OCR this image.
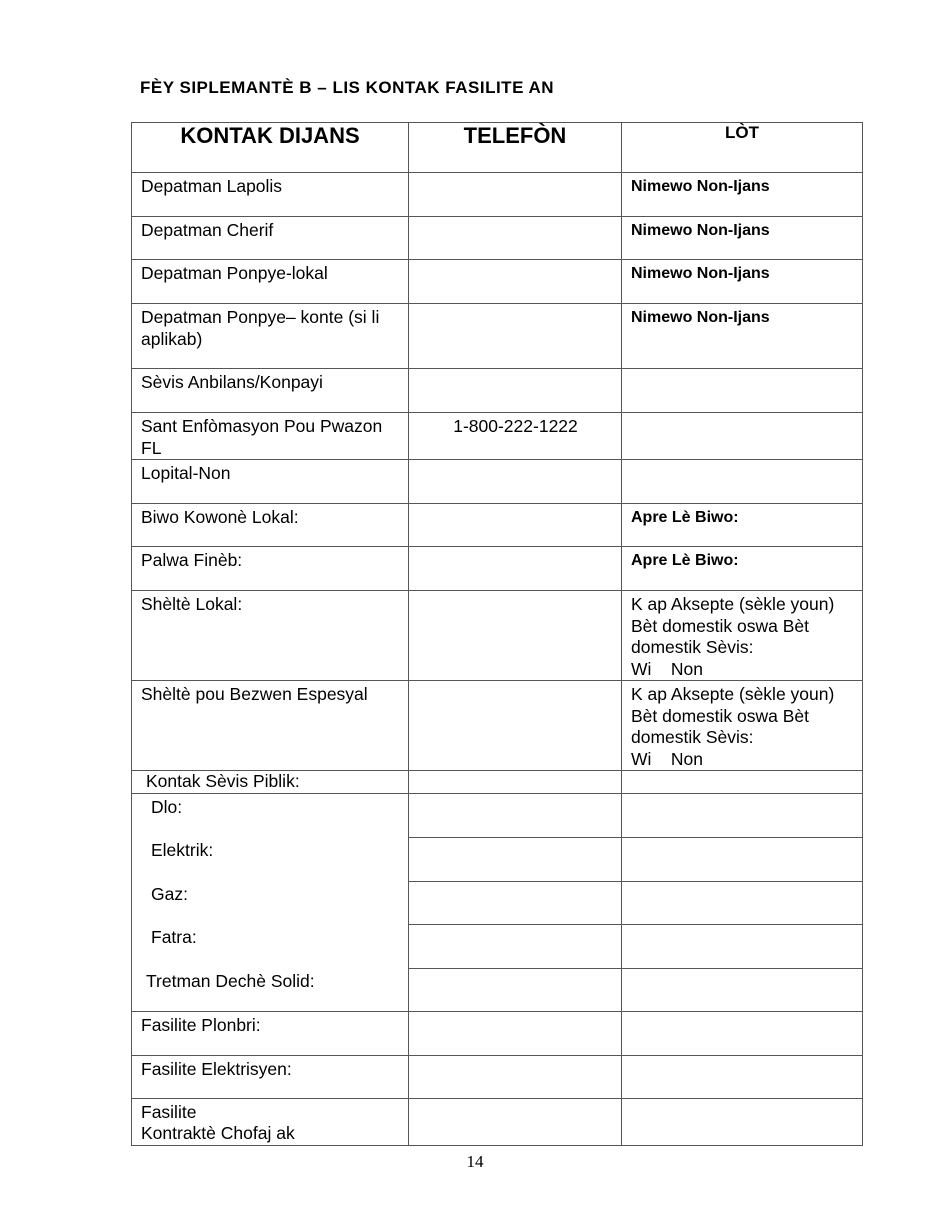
FÈY SIPLEMANTÈ B – LIS KONTAK FASILITE AN
KONTAK DIJANS	TELEFÒN	LÒT
Depatman Lapolis		Nimewo Non-Ijans
Depatman Cherif		Nimewo Non-Ijans
Depatman Ponpye-lokal		Nimewo Non-Ijans
Depatman Ponpye– konte (si li aplikab)		Nimewo Non-Ijans
Sèvis Anbilans/Konpayi		
Sant Enfòmasyon Pou Pwazon FL	1-800-222-1222	
Lopital-Non		
Biwo Kowonè Lokal:		Apre Lè Biwo:
Palwa Finèb:		Apre Lè Biwo:
Shèltè Lokal:		K ap Aksepte (sèkle youn)
Bèt domestik oswa Bèt
domestik Sèvis:
Wi Non

Shèltè pou Bezwen Espesyal		K ap Aksepte (sèkle youn)
Bèt domestik oswa Bèt
domestik Sèvis:
Wi Non

Kontak Sèvis Piblik:		
Dlo:		
Elektrik:		
Gaz:		
Fatra:		
Tretman Dechè Solid:		
Fasilite Plonbri:		
Fasilite Elektrisyen:		

Fasilite
Kontraktè Chofaj ak		

14
